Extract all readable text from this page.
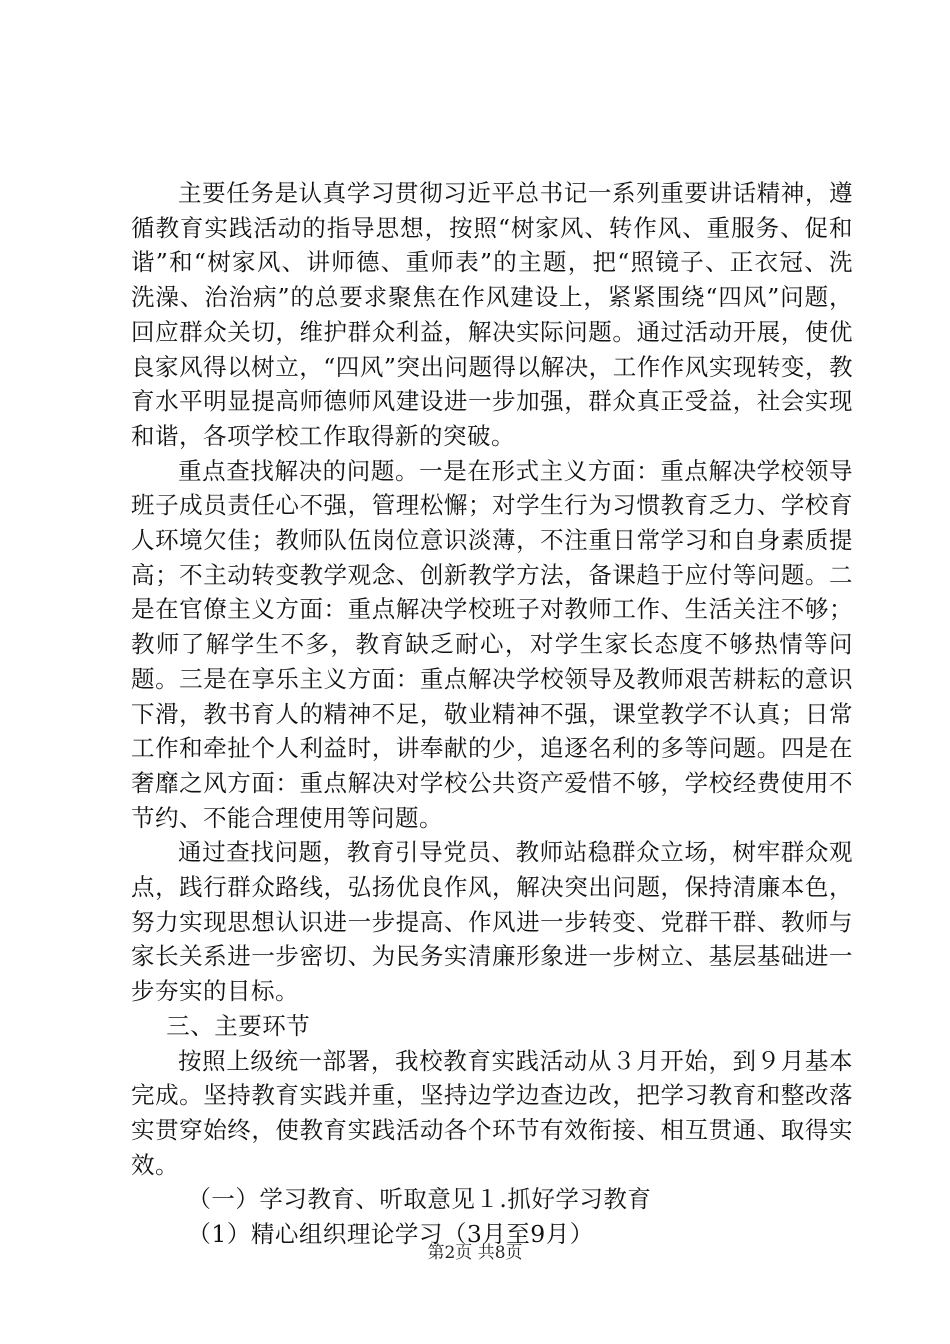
主要任务是认真学习贯彻习近平总书记一系列重要讲话精神，遵循教育实践活动的指导思想，按照“树家风、转作风、重服务、促和谐”和“树家风、讲师德、重师表”的主题，把“照镜子、正衣冠、洗洗澡、治治病”的总要求聚焦在作风建设上，紧紧围绕“四风”问题，回应群众关切，维护群众利益，解决实际问题。通过活动开展，使优良家风得以树立，“四风”突出问题得以解决，工作作风实现转变，教育水平明显提高师德师风建设进一步加强，群众真正受益，社会实现和谐，各项学校工作取得新的突破。

重点查找解决的问题。一是在形式主义方面：重点解决学校领导班子成员责任心不强，管理松懈；对学生行为习惯教育乏力、学校育人环境欠佳；教师队伍岗位意识淡薄，不注重日常学习和自身素质提高；不主动转变教学观念、创新教学方法，备课趋于应付等问题。二是在官僚主义方面：重点解决学校班子对教师工作、生活关注不够；教师了解学生不多，教育缺乏耐心，对学生家长态度不够热情等问题。三是在享乐主义方面：重点解决学校领导及教师艰苦耕耘的意识下滑，教书育人的精神不足，敬业精神不强，课堂教学不认真；日常工作和牵扯个人利益时，讲奉献的少，追逐名利的多等问题。四是在奢靡之风方面：重点解决对学校公共资产爱惜不够，学校经费使用不节约、不能合理使用等问题。

通过查找问题，教育引导党员、教师站稳群众立场，树牢群众观点，践行群众路线，弘扬优良作风，解决突出问题，保持清廉本色，努力实现思想认识进一步提高、作风进一步转变、党群干群、教师与家长关系进一步密切、为民务实清廉形象进一步树立、基层基础进一步夯实的目标。

三、主要环节

按照上级统一部署，我校教育实践活动从３月开始，到９月基本完成。坚持教育实践并重，坚持边学边查边改，把学习教育和整改落实贯穿始终，使教育实践活动各个环节有效衔接、相互贯通、取得实效。

（一）学习教育、听取意见１.抓好学习教育

（1）精心组织理论学习（3月至9月）

第2页 共8页
